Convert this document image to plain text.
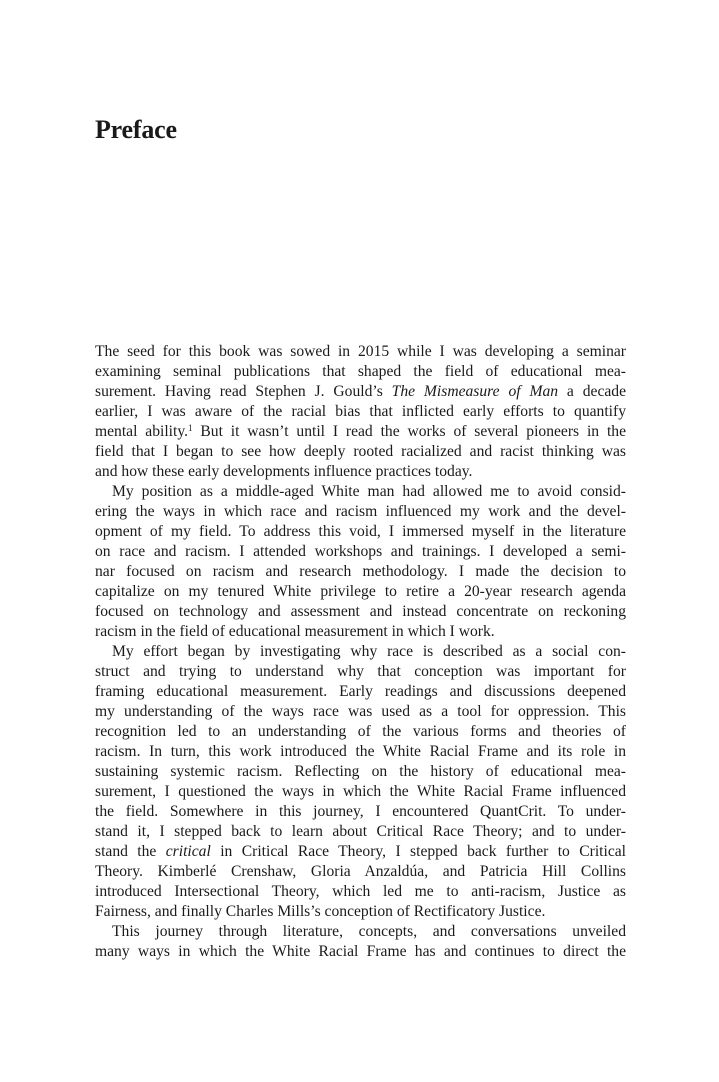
Preface
The seed for this book was sowed in 2015 while I was developing a seminar
examining seminal publications that shaped the field of educational mea-
surement. Having read Stephen J. Gould’s The Mismeasure of Man a decade
earlier, I was aware of the racial bias that inflicted early efforts to quantify
mental ability.$^1$ But it wasn’t until I read the works of several pioneers in the
field that I began to see how deeply rooted racialized and racist thinking was
and how these early developments influence practices today.
My position as a middle-aged White man had allowed me to avoid consid-
ering the ways in which race and racism influenced my work and the devel-
opment of my field. To address this void, I immersed myself in the literature
on race and racism. I attended workshops and trainings. I developed a semi-
nar focused on racism and research methodology. I made the decision to
capitalize on my tenured White privilege to retire a 20-year research agenda
focused on technology and assessment and instead concentrate on reckoning
racism in the field of educational measurement in which I work.
My effort began by investigating why race is described as a social con-
struct and trying to understand why that conception was important for
framing educational measurement. Early readings and discussions deepened
my understanding of the ways race was used as a tool for oppression. This
recognition led to an understanding of the various forms and theories of
racism. In turn, this work introduced the White Racial Frame and its role in
sustaining systemic racism. Reflecting on the history of educational mea-
surement, I questioned the ways in which the White Racial Frame influenced
the field. Somewhere in this journey, I encountered QuantCrit. To under-
stand it, I stepped back to learn about Critical Race Theory; and to under-
stand the critical in Critical Race Theory, I stepped back further to Critical
Theory. Kimberlé Crenshaw, Gloria Anzaldúa, and Patricia Hill Collins
introduced Intersectional Theory, which led me to anti-racism, Justice as
Fairness, and finally Charles Mills’s conception of Rectificatory Justice.
This journey through literature, concepts, and conversations unveiled
many ways in which the White Racial Frame has and continues to direct the
